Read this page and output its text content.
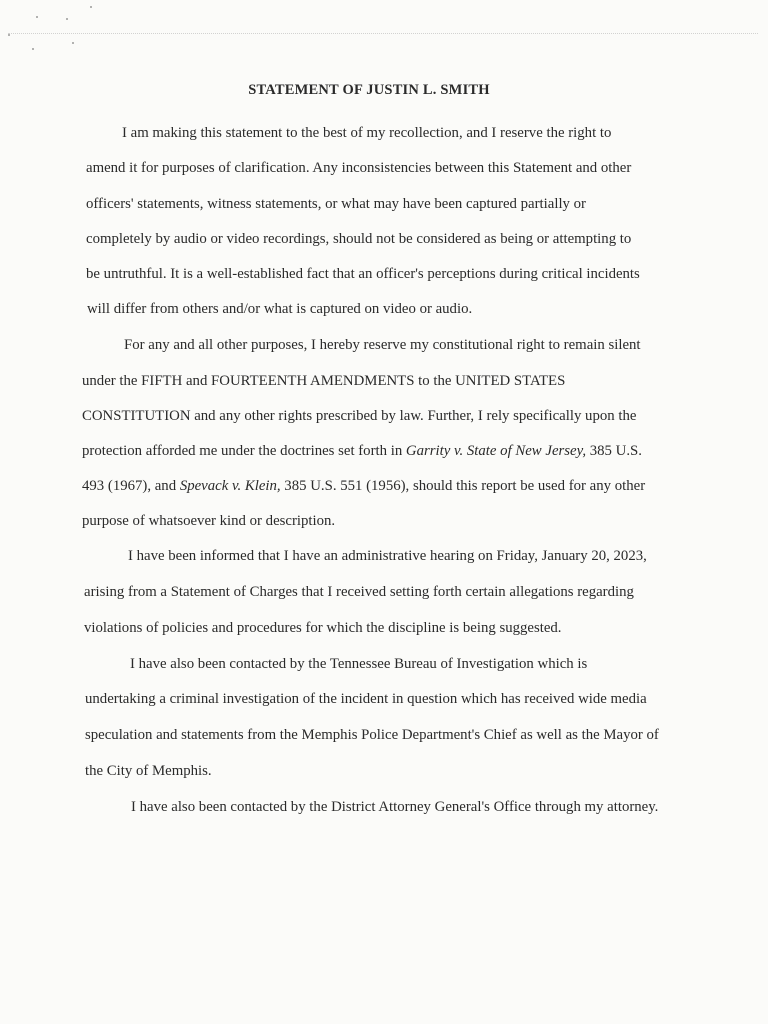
STATEMENT OF JUSTIN L. SMITH
I am making this statement to the best of my recollection, and I reserve the right to
amend it for purposes of clarification. Any inconsistencies between this Statement and other
officers' statements, witness statements, or what may have been captured partially or
completely by audio or video recordings, should not be considered as being or attempting to
be untruthful. It is a well-established fact that an officer's perceptions during critical incidents
will differ from others and/or what is captured on video or audio.
For any and all other purposes, I hereby reserve my constitutional right to remain silent
under the FIFTH and FOURTEENTH AMENDMENTS to the UNITED STATES
CONSTITUTION and any other rights prescribed by law. Further, I rely specifically upon the
protection afforded me under the doctrines set forth in Garrity v. State of New Jersey, 385 U.S.
493 (1967), and Spevack v. Klein, 385 U.S. 551 (1956), should this report be used for any other
purpose of whatsoever kind or description.
I have been informed that I have an administrative hearing on Friday, January 20, 2023,
arising from a Statement of Charges that I received setting forth certain allegations regarding
violations of policies and procedures for which the discipline is being suggested.
I have also been contacted by the Tennessee Bureau of Investigation which is
undertaking a criminal investigation of the incident in question which has received wide media
speculation and statements from the Memphis Police Department's Chief as well as the Mayor of
the City of Memphis.
I have also been contacted by the District Attorney General's Office through my attorney.
